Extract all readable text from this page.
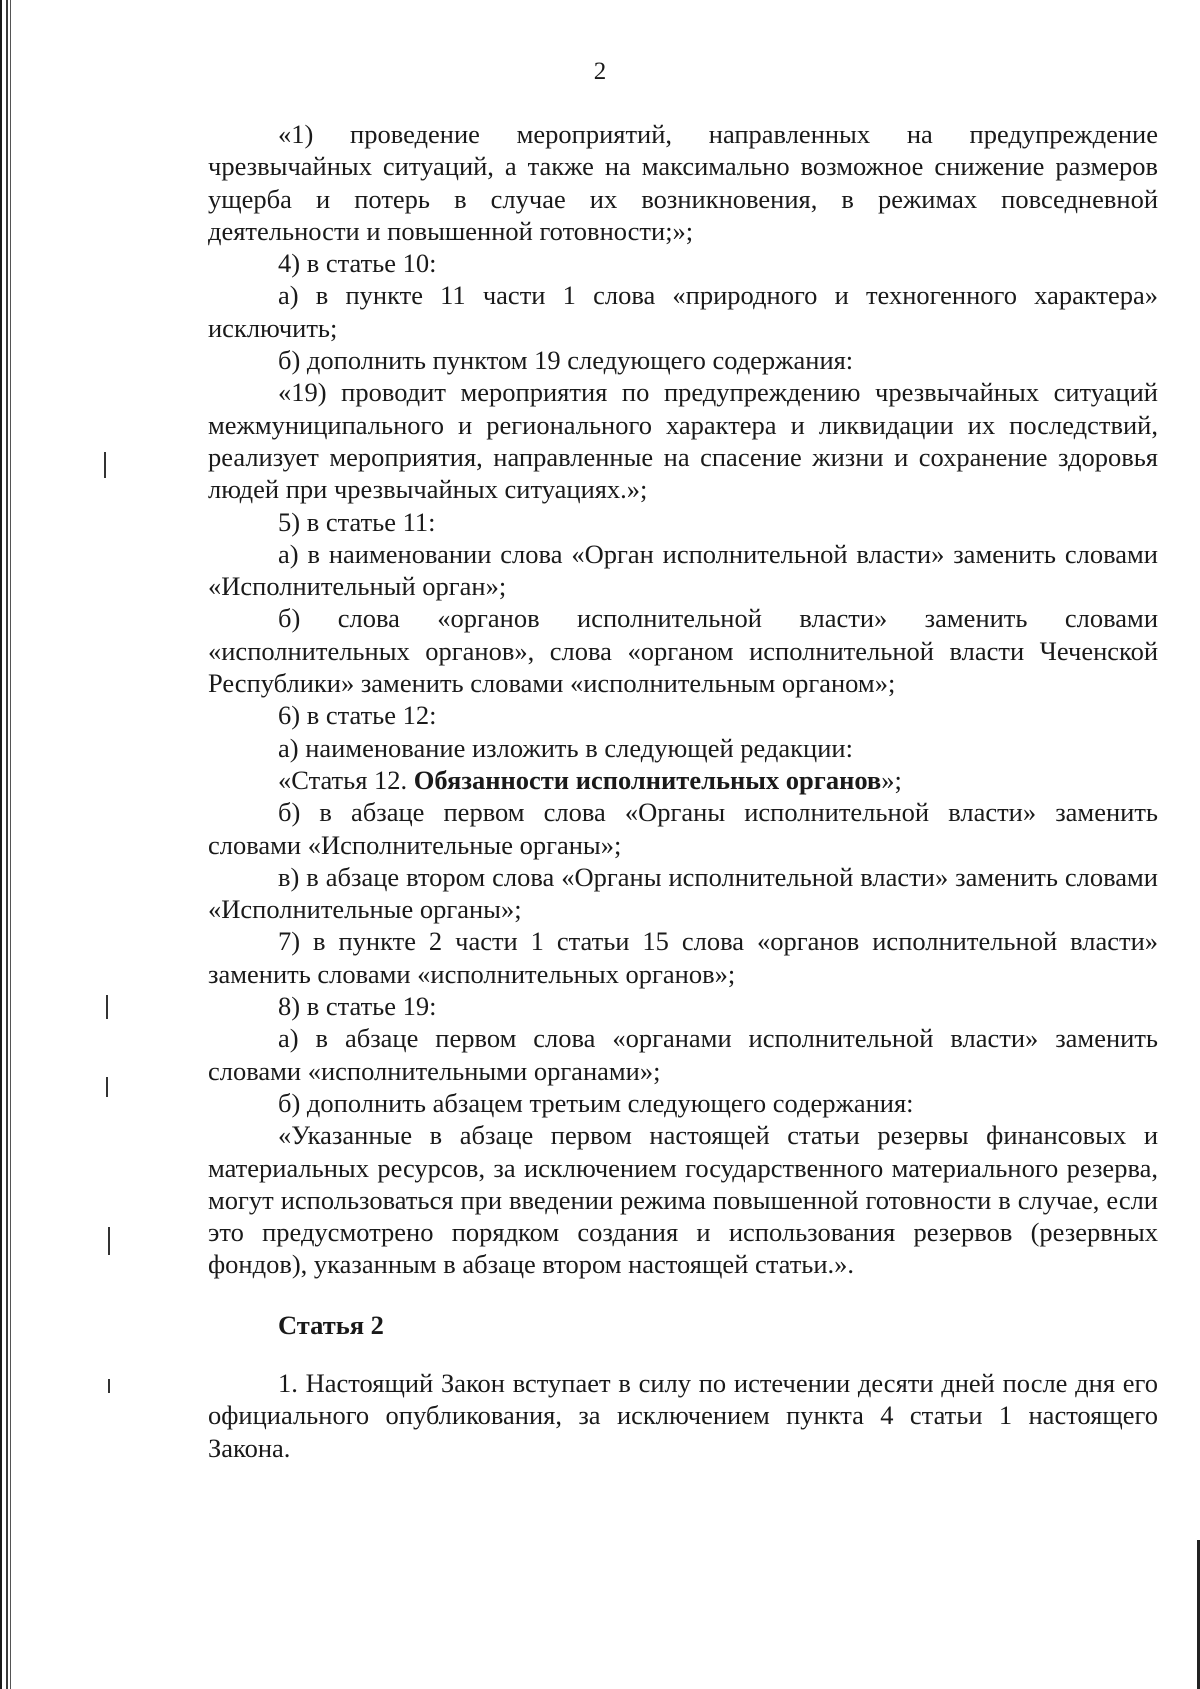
2

«1) проведение мероприятий, направленных на предупреждение чрезвычайных ситуаций, а также на максимально возможное снижение размеров ущерба и потерь в случае их возникновения, в режимах повседневной деятельности и повышенной готовности;»;

4) в статье 10:

а) в пункте 11 части 1 слова «природного и техногенного характера» исключить;

б) дополнить пунктом 19 следующего содержания:

«19) проводит мероприятия по предупреждению чрезвычайных ситуаций межмуниципального и регионального характера и ликвидации их последствий, реализует мероприятия, направленные на спасение жизни и сохранение здоровья людей при чрезвычайных ситуациях.»;

5) в статье 11:

а) в наименовании слова «Орган исполнительной власти» заменить словами «Исполнительный орган»;

б) слова «органов исполнительной власти» заменить словами «исполнительных органов», слова «органом исполнительной власти Чеченской Республики» заменить словами «исполнительным органом»;

6) в статье 12:

а) наименование изложить в следующей редакции:

«Статья 12. Обязанности исполнительных органов»;

б) в абзаце первом слова «Органы исполнительной власти» заменить словами «Исполнительные органы»;

в) в абзаце втором слова «Органы исполнительной власти» заменить словами «Исполнительные органы»;

7) в пункте 2 части 1 статьи 15 слова «органов исполнительной власти» заменить словами «исполнительных органов»;

8) в статье 19:

а) в абзаце первом слова «органами исполнительной власти» заменить словами «исполнительными органами»;

б) дополнить абзацем третьим следующего содержания:

«Указанные в абзаце первом настоящей статьи резервы финансовых и материальных ресурсов, за исключением государственного материального резерва, могут использоваться при введении режима повышенной готовности в случае, если это предусмотрено порядком создания и использования резервов (резервных фондов), указанным в абзаце втором настоящей статьи.».

Статья 2

1. Настоящий Закон вступает в силу по истечении десяти дней после дня его официального опубликования, за исключением пункта 4 статьи 1 настоящего Закона.
